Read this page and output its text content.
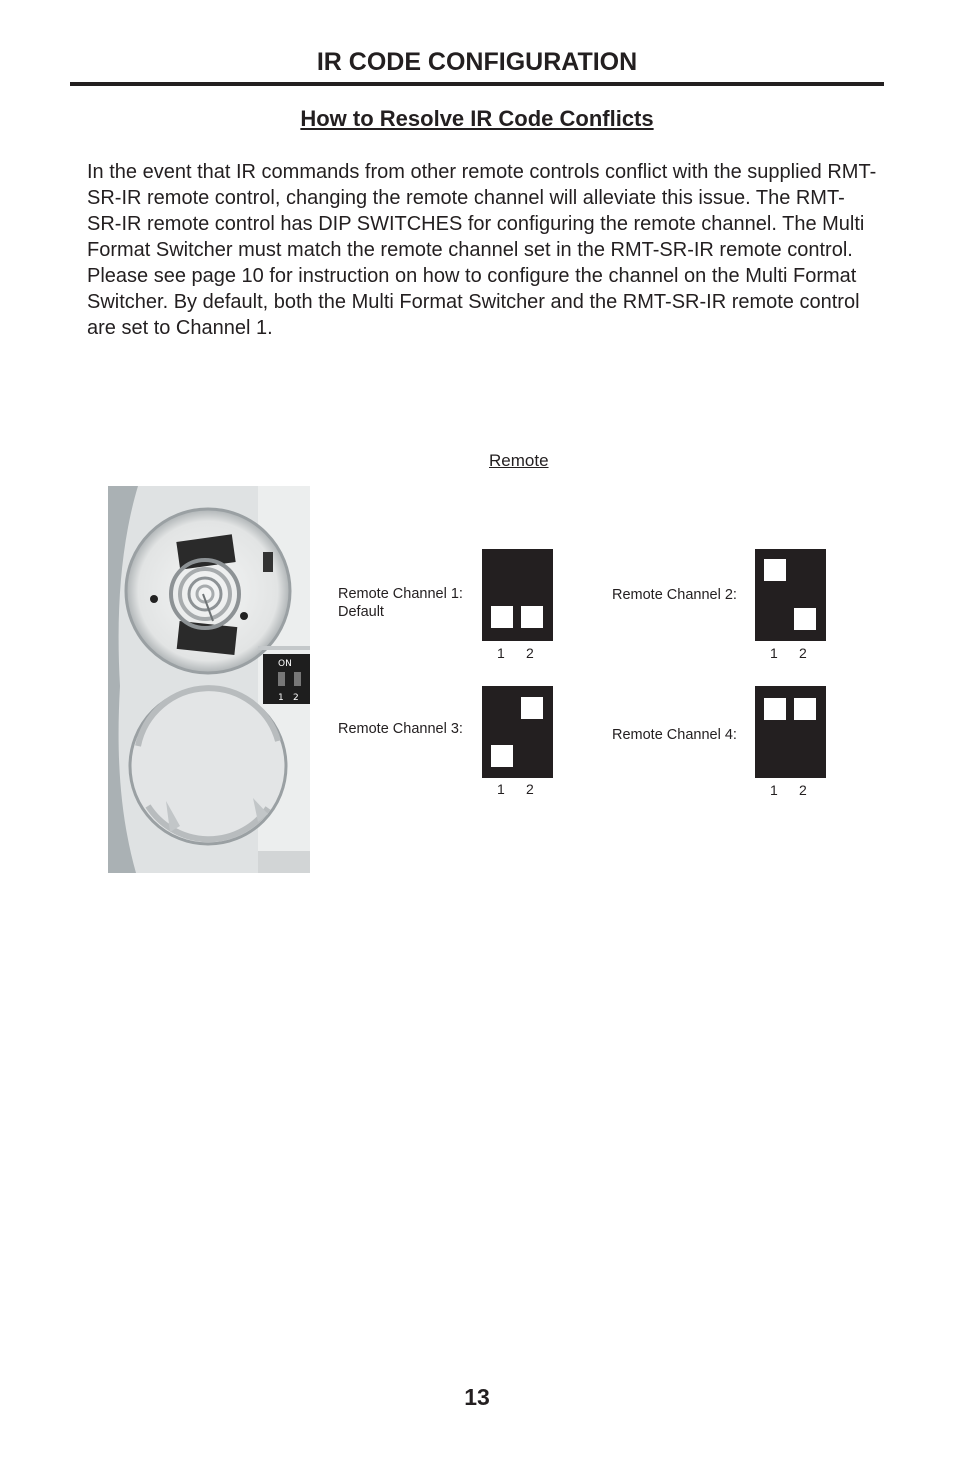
IR CODE CONFIGURATION
How to Resolve IR Code Conflicts
In the event that IR commands from other remote controls conflict with the supplied RMT-SR-IR remote control, changing the remote channel will alleviate this issue. The RMT-SR-IR remote control has DIP SWITCHES for configuring the remote channel. The Multi Format Switcher must match the remote channel set in the RMT-SR-IR remote control. Please see page 10 for instruction on how to configure the channel on the Multi Format Switcher. By default, both the Multi Format Switcher and the RMT-SR-IR remote control are set to Channel 1.
Remote
ON
1 2
Remote Channel 1:
Default
1 2
Remote Channel 2:
1 2
Remote Channel 3:
1 2
Remote Channel 4:
1 2
13
